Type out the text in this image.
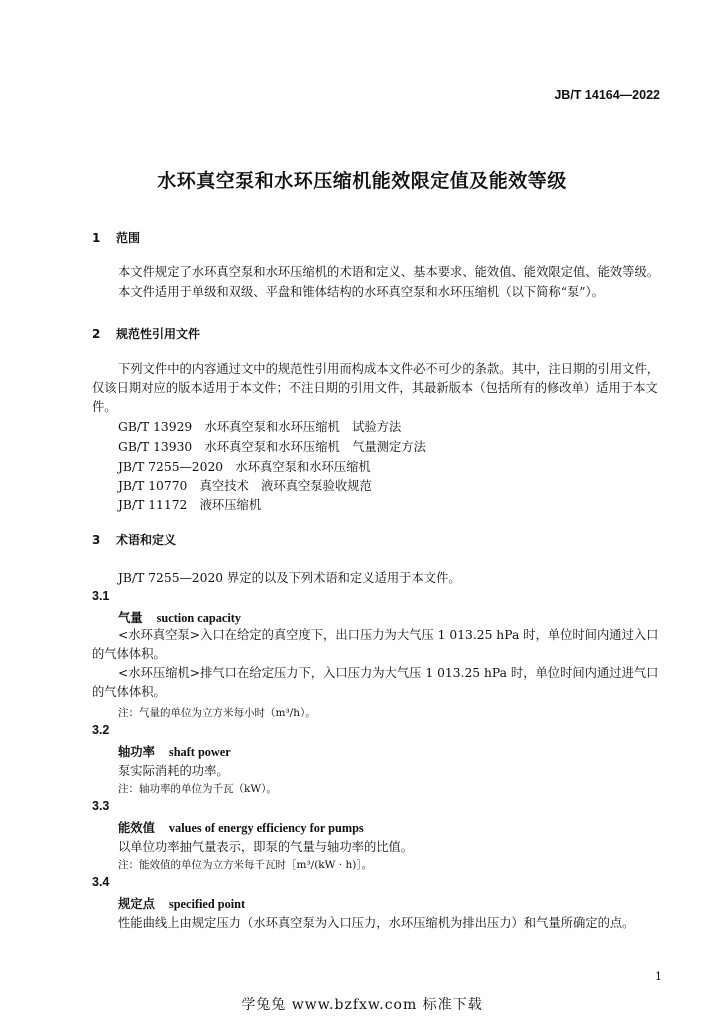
JB/T 14164—2022
水环真空泵和水环压缩机能效限定值及能效等级
1 范围

本文件规定了水环真空泵和水环压缩机的术语和定义、基本要求、能效值、能效限定值、能效等级。

本文件适用于单级和双级、平盘和锥体结构的水环真空泵和水环压缩机（以下简称“泵”）。

2 规范性引用文件

下列文件中的内容通过文中的规范性引用而构成本文件必不可少的条款。其中，注日期的引用文件，仅该日期对应的版本适用于本文件；不注日期的引用文件，其最新版本（包括所有的修改单）适用于本文件。

GB/T 13929　水环真空泵和水环压缩机　试验方法
GB/T 13930　水环真空泵和水环压缩机　气量测定方法
JB/T 7255—2020　水环真空泵和水环压缩机
JB/T 10770　真空技术　液环真空泵验收规范
JB/T 11172　液环压缩机
3 术语和定义
JB/T 7255—2020 界定的以及下列术语和定义适用于本文件。
3.1
气量 suction capacity

<水环真空泵>入口在给定的真空度下，出口压力为大气压 1 013.25 hPa 时，单位时间内通过入口的气体体积。

<水环压缩机>排气口在给定压力下，入口压力为大气压 1 013.25 hPa 时，单位时间内通过进气口的气体体积。

注：气量的单位为立方米每小时（m³/h）。
3.2
轴功率 shaft power
泵实际消耗的功率。
注：轴功率的单位为千瓦（kW）。
3.3
能效值 values of energy efficiency for pumps
以单位功率抽气量表示，即泵的气量与轴功率的比值。
注：能效值的单位为立方米每千瓦时［m³/(kW · h)］。
3.4
规定点 specified point
性能曲线上由规定压力（水环真空泵为入口压力，水环压缩机为排出压力）和气量所确定的点。
1
学兔兔 www.bzfxw.com 标准下载
